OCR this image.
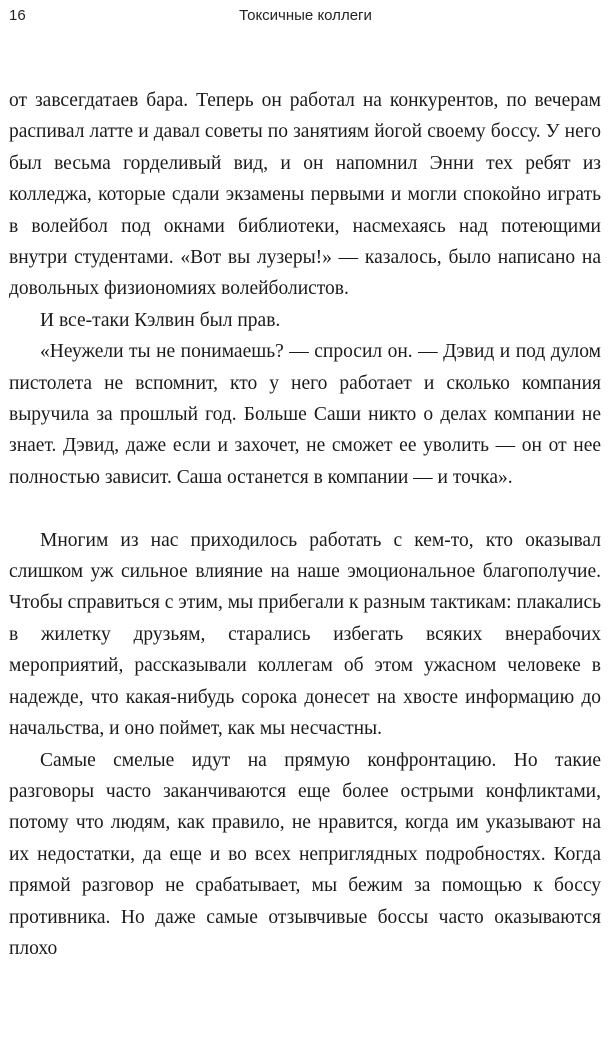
16	Токсичные коллеги

от завсегдатаев бара. Теперь он работал на конкурентов, по вечерам распивал латте и давал советы по занятиям йогой своему боссу. У него был весьма горделивый вид, и он напомнил Энни тех ребят из колледжа, которые сдали экзамены первыми и могли спокойно играть в волейбол под окнами библиотеки, насмехаясь над потеющими внутри студентами. «Вот вы лузеры!» — казалось, было написано на довольных физиономиях волейболистов.

И все-таки Кэлвин был прав.

«Неужели ты не понимаешь? — спросил он. — Дэвид и под дулом пистолета не вспомнит, кто у него работает и сколько компания выручила за прошлый год. Больше Саши никто о делах компании не знает. Дэвид, даже если и захочет, не сможет ее уволить — он от нее полностью зависит. Саша останется в компании — и точка».

Многим из нас приходилось работать с кем-то, кто оказывал слишком уж сильное влияние на наше эмоциональное благополучие. Чтобы справиться с этим, мы прибегали к разным тактикам: плакались в жилетку друзьям, старались избегать всяких внерабочих мероприятий, рассказывали коллегам об этом ужасном человеке в надежде, что какая-нибудь сорока донесет на хвосте информацию до начальства, и оно поймет, как мы несчастны.

Самые смелые идут на прямую конфронтацию. Но такие разговоры часто заканчиваются еще более острыми конфликтами, потому что людям, как правило, не нравится, когда им указывают на их недостатки, да еще и во всех неприглядных подробностях. Когда прямой разговор не срабатывает, мы бежим за помощью к боссу противника. Но даже самые отзывчивые боссы часто оказываются плохо
